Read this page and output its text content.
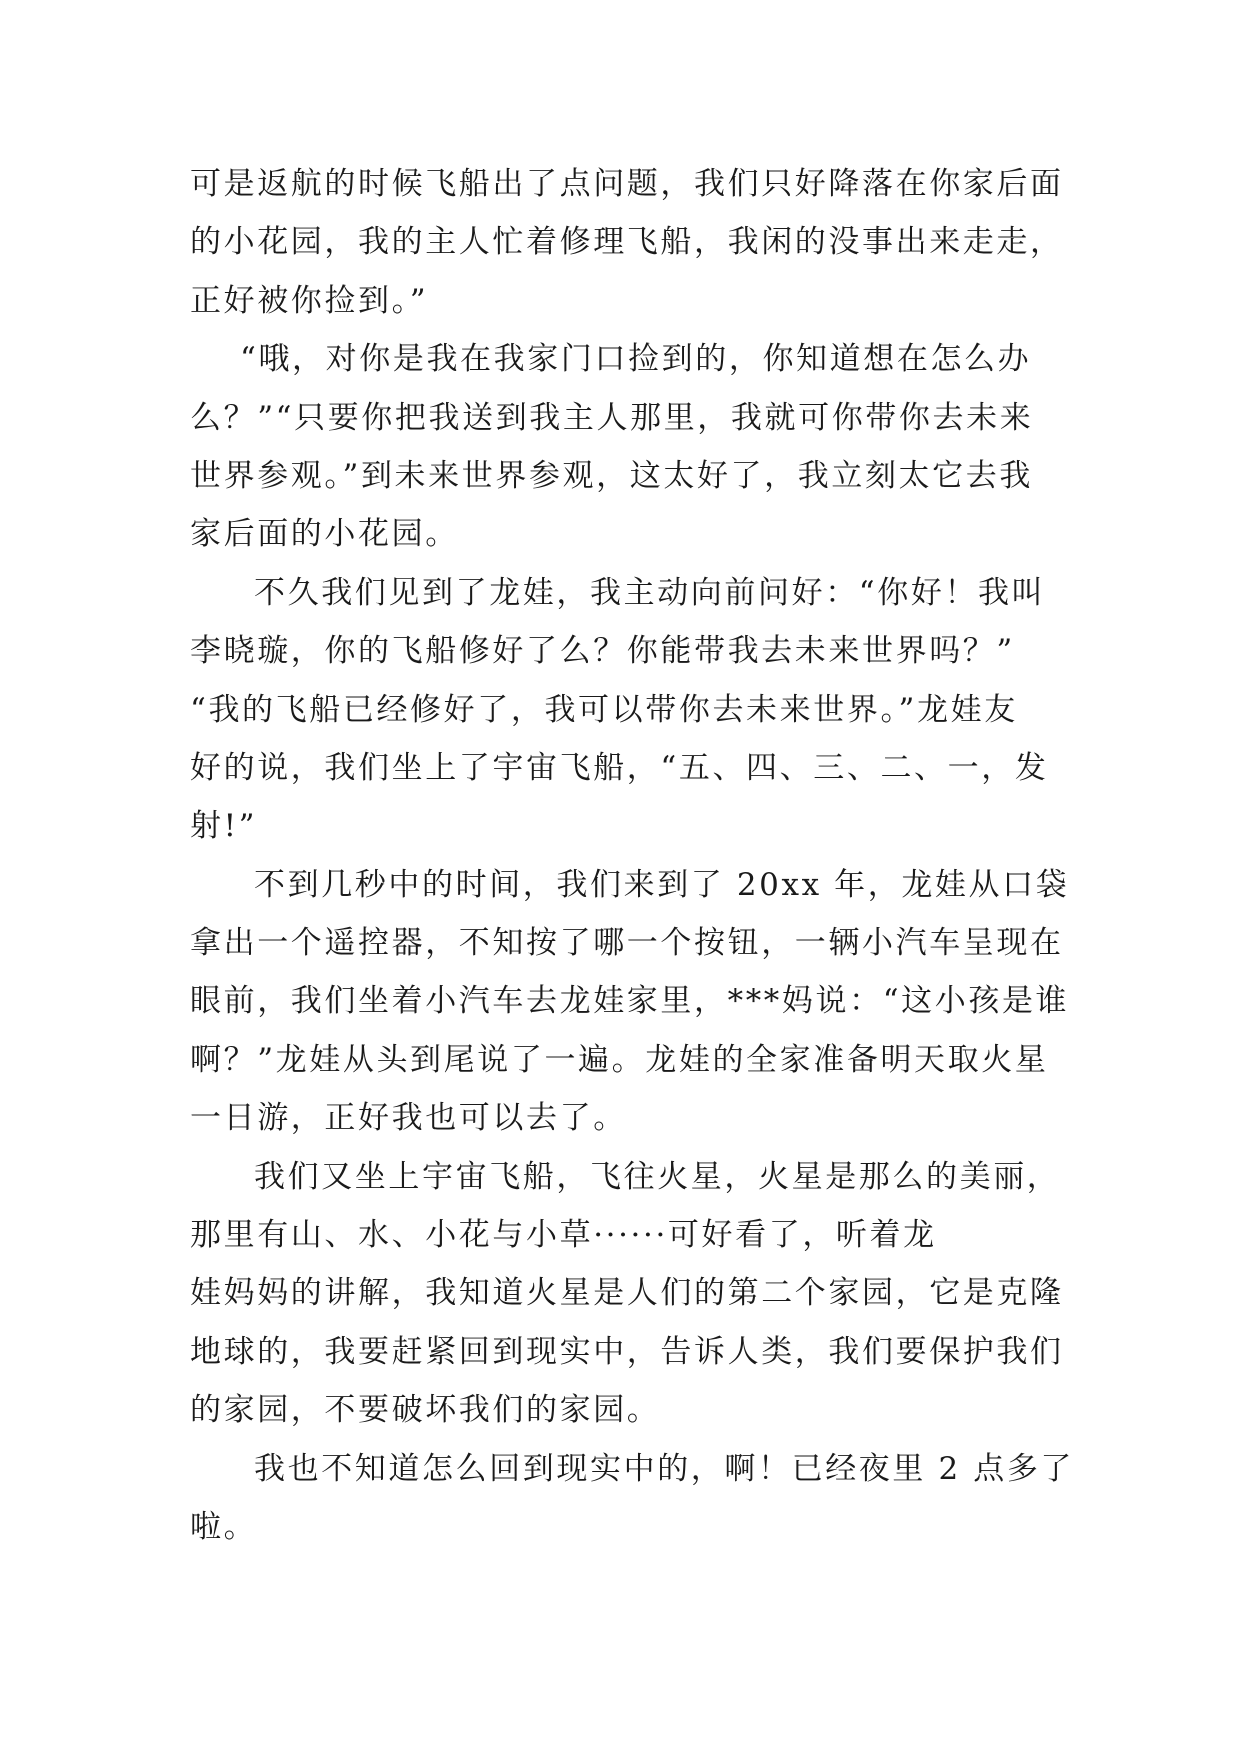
可是返航的时候飞船出了点问题，我们只好降落在你家后面
的小花园，我的主人忙着修理飞船，我闲的没事出来走走，
正好被你捡到。”
“哦，对你是我在我家门口捡到的，你知道想在怎么办
么？”“只要你把我送到我主人那里，我就可你带你去未来
世界参观。”到未来世界参观，这太好了，我立刻太它去我
家后面的小花园。
不久我们见到了龙娃，我主动向前问好：“你好！我叫
李晓璇，你的飞船修好了么？你能带我去未来世界吗？”
“我的飞船已经修好了，我可以带你去未来世界。”龙娃友
好的说，我们坐上了宇宙飞船，“五、四、三、二、一，发
射!”
不到几秒中的时间，我们来到了 20xx 年，龙娃从口袋
拿出一个遥控器，不知按了哪一个按钮，一辆小汽车呈现在
眼前，我们坐着小汽车去龙娃家里，***妈说：“这小孩是谁
啊？”龙娃从头到尾说了一遍。龙娃的全家准备明天取火星
一日游，正好我也可以去了。
我们又坐上宇宙飞船，飞往火星，火星是那么的美丽，
那里有山、水、小花与小草······可好看了，听着龙
娃妈妈的讲解，我知道火星是人们的第二个家园，它是克隆
地球的，我要赶紧回到现实中，告诉人类，我们要保护我们
的家园，不要破坏我们的家园。
我也不知道怎么回到现实中的，啊！已经夜里 2 点多了
啦。
